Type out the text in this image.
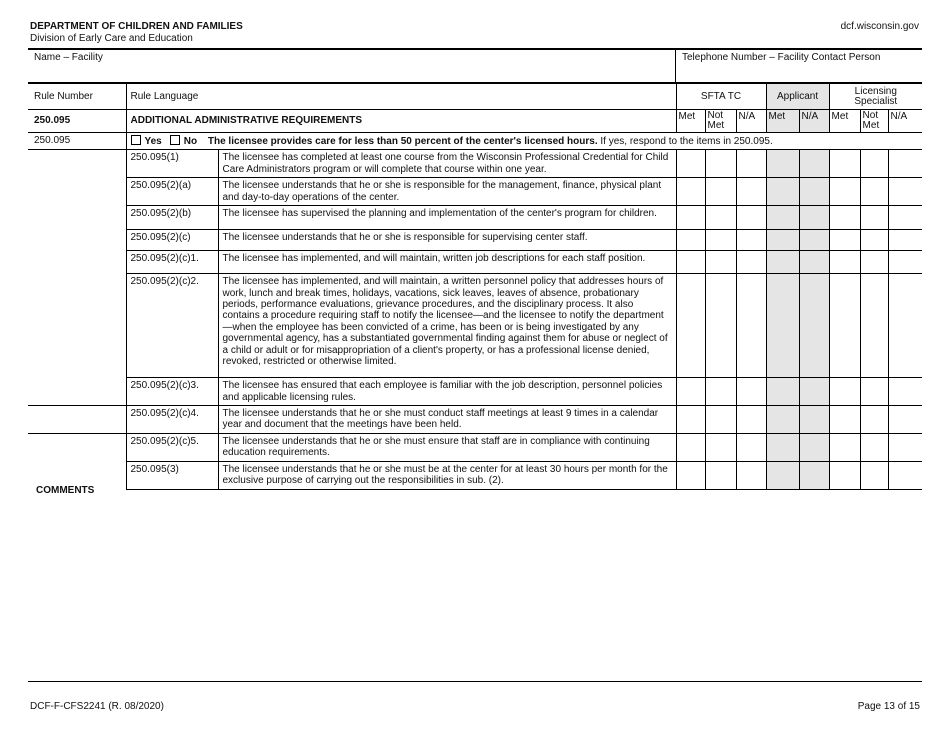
DEPARTMENT OF CHILDREN AND FAMILIES
Division of Early Care and Education
dcf.wisconsin.gov
Name – Facility	Telephone Number – Facility Contact Person
Rule Number	Rule Language		SFTA TC			Applicant		Licensing Specialist		
250.095	ADDITIONAL ADMINISTRATIVE REQUIREMENTS		Met	Not Met	N/A	Met	N/A	Met	Not Met	N/A
250.095	Yes No The licensee provides care for less than 50 percent of the center's licensed hours. If yes, respond to the items in 250.095.									
	250.095(1)	The licensee has completed at least one course from the Wisconsin Professional Credential for Child Care Administrators program or will complete that course within one year.								
	250.095(2)(a)	The licensee understands that he or she is responsible for the management, finance, physical plant and day-to-day operations of the center.								
	250.095(2)(b)	The licensee has supervised the planning and implementation of the center's program for children.								
	250.095(2)(c)	The licensee understands that he or she is responsible for supervising center staff.								
	250.095(2)(c)1.	The licensee has implemented, and will maintain, written job descriptions for each staff position.								
	250.095(2)(c)2.	The licensee has implemented, and will maintain, a written personnel policy that addresses hours of work, lunch and break times, holidays, vacations, sick leaves, leaves of absence, probationary periods, performance evaluations, grievance procedures, and the disciplinary process. It also contains a procedure requiring staff to notify the licensee—and the licensee to notify the department—when the employee has been convicted of a crime, has been or is being investigated by any governmental agency, has a substantiated governmental finding against them for abuse or neglect of a child or adult or for misappropriation of a client's property, or has a professional license denied, revoked, restricted or otherwise limited.								
	250.095(2)(c)3.	The licensee has ensured that each employee is familiar with the job description, personnel policies and applicable licensing rules.								
	250.095(2)(c)4.	The licensee understands that he or she must conduct staff meetings at least 9 times in a calendar year and document that the meetings have been held.								
	250.095(2)(c)5.	The licensee understands that he or she must ensure that staff are in compliance with continuing education requirements.								
	250.095(3)	The licensee understands that he or she must be at the center for at least 30 hours per month for the exclusive purpose of carrying out the responsibilities in sub. (2).								
COMMENTS
DCF-F-CFS2241 (R. 08/2020)	Page 13 of 15
